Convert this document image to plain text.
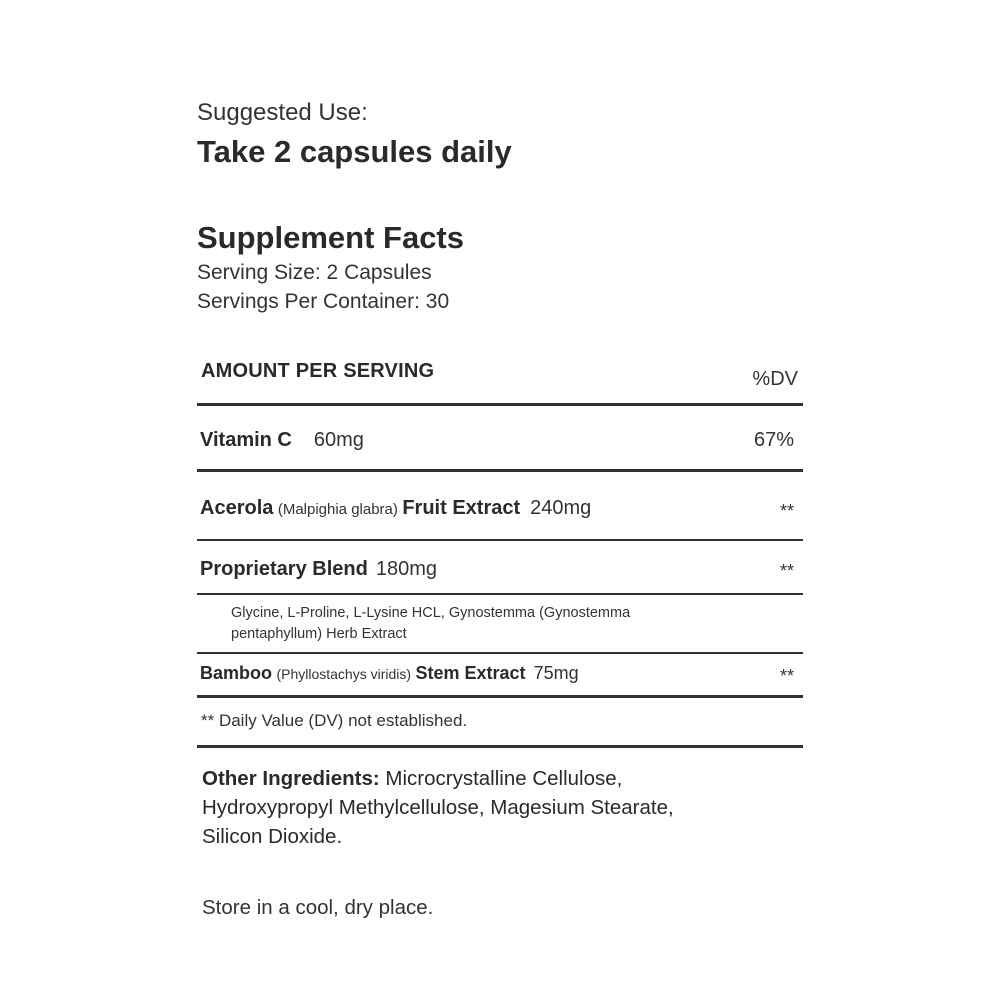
Suggested Use:
Take 2 capsules daily
Supplement Facts
Serving Size: 2 Capsules
Servings Per Container: 30
AMOUNT PER SERVING	%DV
Vitamin C 60mg	67%
Acerola (Malpighia glabra) Fruit Extract 240mg	**
Proprietary Blend 180mg	**
Glycine, L-Proline, L-Lysine HCL, Gynostemma (Gynostemma
pentaphyllum) Herb Extract
Bamboo (Phyllostachys viridis) Stem Extract 75mg	**
** Daily Value (DV) not established.
Other Ingredients: Microcrystalline Cellulose,
Hydroxypropyl Methylcellulose, Magesium Stearate,
Silicon Dioxide.
Store in a cool, dry place.
